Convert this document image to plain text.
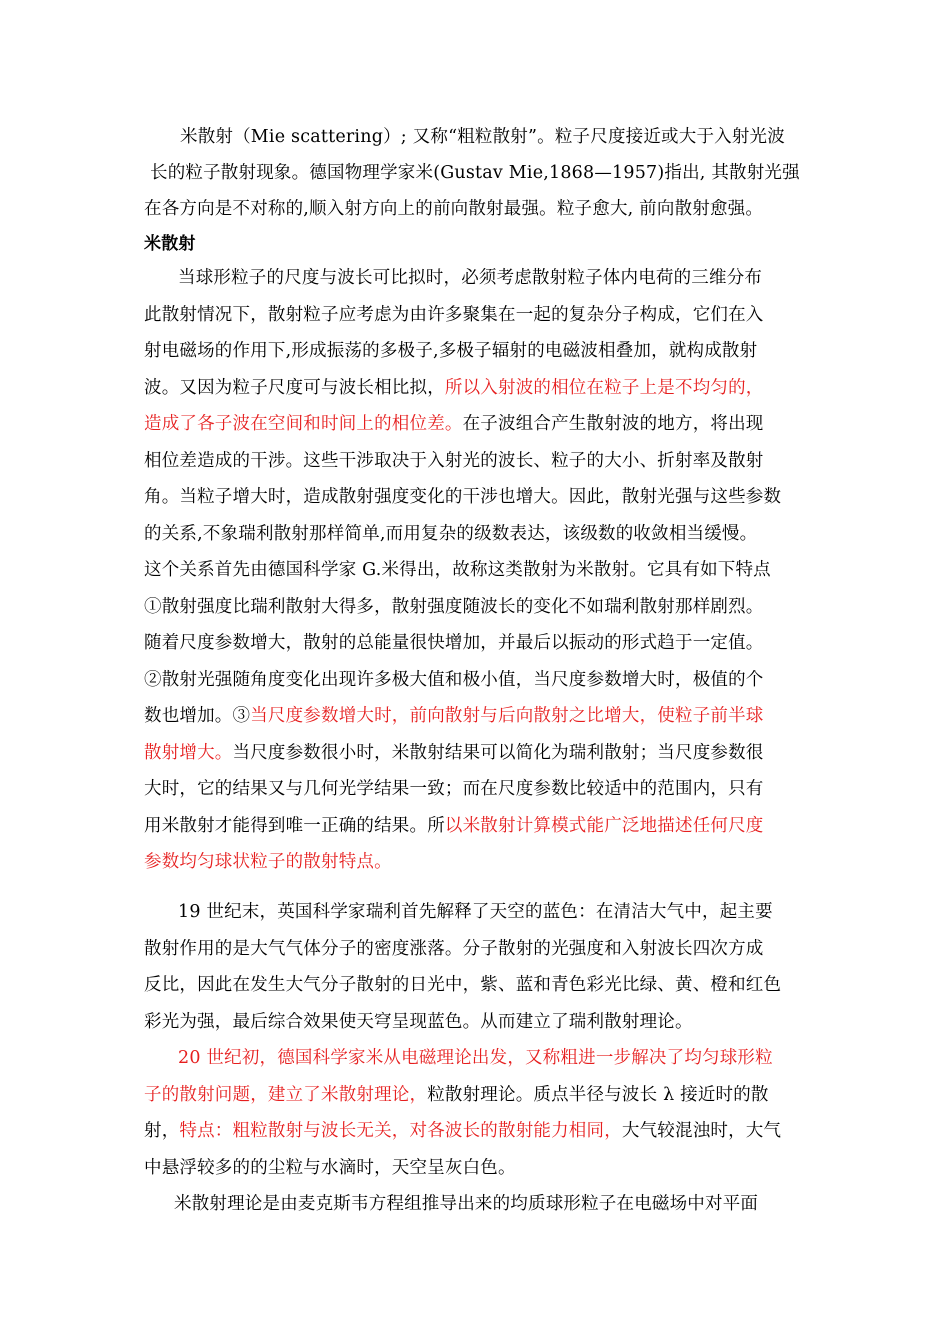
米散射（Mie scattering）; 又称“粗粒散射”。粒子尺度接近或大于入射光波
长的粒子散射现象。德国物理学家米(Gustav Mie,1868—1957)指出, 其散射光强
在各方向是不对称的,顺入射方向上的前向散射最强。粒子愈大, 前向散射愈强。
米散射
当球形粒子的尺度与波长可比拟时，必须考虑散射粒子体内电荷的三维分布
此散射情况下，散射粒子应考虑为由许多聚集在一起的复杂分子构成，它们在入
射电磁场的作用下,形成振荡的多极子,多极子辐射的电磁波相叠加，就构成散射
波。又因为粒子尺度可与波长相比拟，所以入射波的相位在粒子上是不均匀的，
造成了各子波在空间和时间上的相位差。在子波组合产生散射波的地方，将出现
相位差造成的干涉。这些干涉取决于入射光的波长、粒子的大小、折射率及散射
角。当粒子增大时，造成散射强度变化的干涉也增大。因此，散射光强与这些参数
的关系,不象瑞利散射那样简单,而用复杂的级数表达，该级数的收敛相当缓慢。
这个关系首先由德国科学家 G.米得出，故称这类散射为米散射。它具有如下特点
①散射强度比瑞利散射大得多，散射强度随波长的变化不如瑞利散射那样剧烈。
随着尺度参数增大，散射的总能量很快增加，并最后以振动的形式趋于一定值。
②散射光强随角度变化出现许多极大值和极小值，当尺度参数增大时，极值的个
数也增加。③当尺度参数增大时，前向散射与后向散射之比增大，使粒子前半球
散射增大。当尺度参数很小时，米散射结果可以简化为瑞利散射；当尺度参数很
大时，它的结果又与几何光学结果一致；而在尺度参数比较适中的范围内，只有
用米散射才能得到唯一正确的结果。所以米散射计算模式能广泛地描述任何尺度
参数均匀球状粒子的散射特点。
19 世纪末，英国科学家瑞利首先解释了天空的蓝色：在清洁大气中，起主要
散射作用的是大气气体分子的密度涨落。分子散射的光强度和入射波长四次方成
反比，因此在发生大气分子散射的日光中，紫、蓝和青色彩光比绿、黄、橙和红色
彩光为强，最后综合效果使天穹呈现蓝色。从而建立了瑞利散射理论。
20 世纪初，德国科学家米从电磁理论出发，又称粗进一步解决了均匀球形粒
子的散射问题，建立了米散射理论，粒散射理论。质点半径与波长 λ 接近时的散
射，特点：粗粒散射与波长无关，对各波长的散射能力相同，大气较混浊时，大气
中悬浮较多的的尘粒与水滴时，天空呈灰白色。
米散射理论是由麦克斯韦方程组推导出来的均质球形粒子在电磁场中对平面
